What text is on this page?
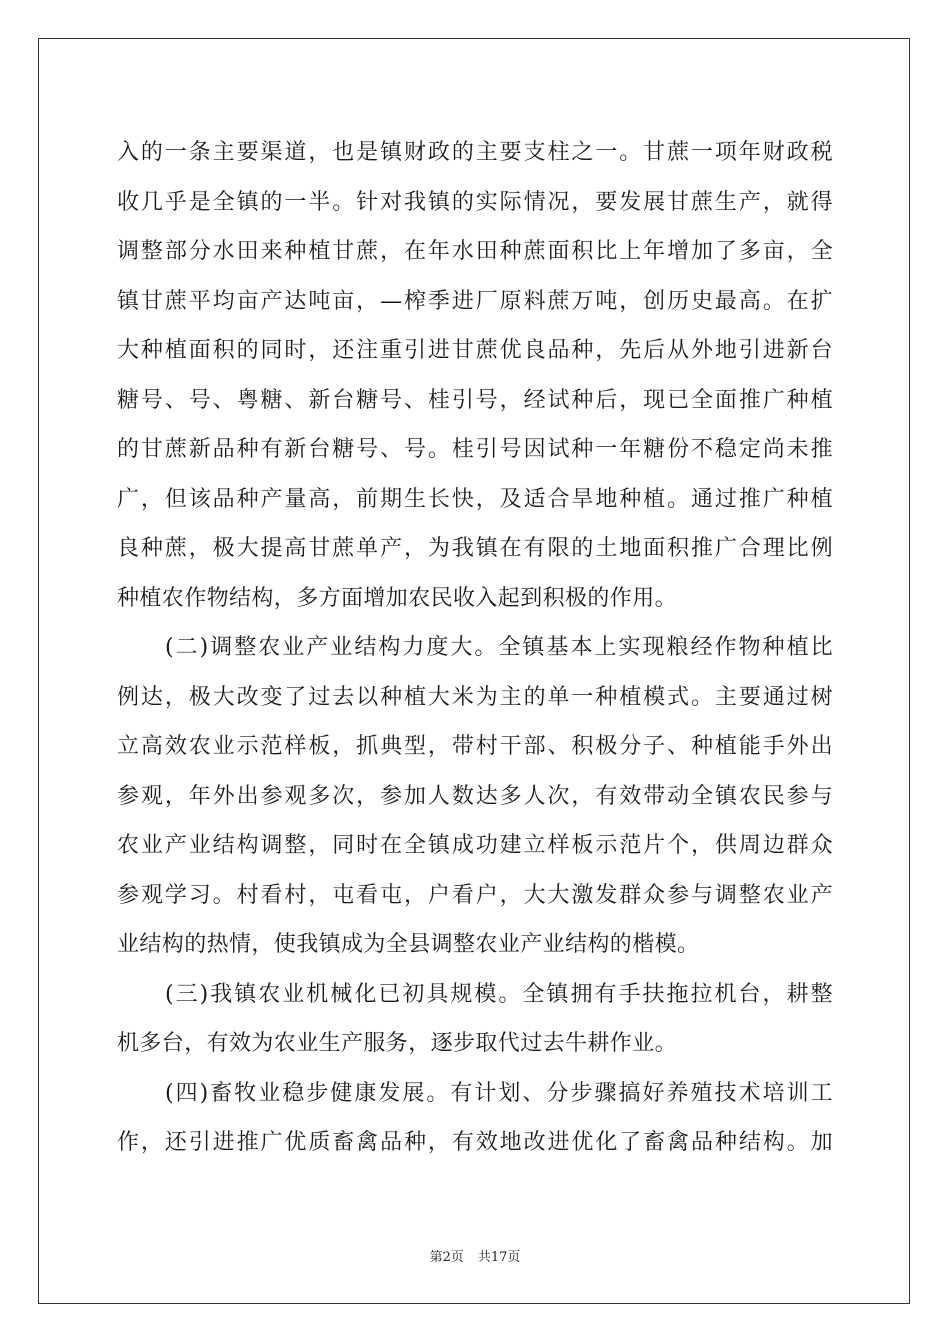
入的一条主要渠道，也是镇财政的主要支柱之一。甘蔗一项年财政税
收几乎是全镇的一半。针对我镇的实际情况，要发展甘蔗生产，就得
调整部分水田来种植甘蔗，在年水田种蔗面积比上年增加了多亩，全
镇甘蔗平均亩产达吨亩，—榨季进厂原料蔗万吨，创历史最高。在扩
大种植面积的同时，还注重引进甘蔗优良品种，先后从外地引进新台
糖号、号、粤糖、新台糖号、桂引号，经试种后，现已全面推广种植
的甘蔗新品种有新台糖号、号。桂引号因试种一年糖份不稳定尚未推
广，但该品种产量高，前期生长快，及适合旱地种植。通过推广种植
良种蔗，极大提高甘蔗单产，为我镇在有限的土地面积推广合理比例
种植农作物结构，多方面增加农民收入起到积极的作用。
　　(二)调整农业产业结构力度大。全镇基本上实现粮经作物种植比
例达，极大改变了过去以种植大米为主的单一种植模式。主要通过树
立高效农业示范样板，抓典型，带村干部、积极分子、种植能手外出
参观，年外出参观多次，参加人数达多人次，有效带动全镇农民参与
农业产业结构调整，同时在全镇成功建立样板示范片个，供周边群众
参观学习。村看村，屯看屯，户看户，大大激发群众参与调整农业产
业结构的热情，使我镇成为全县调整农业产业结构的楷模。
　　(三)我镇农业机械化已初具规模。全镇拥有手扶拖拉机台，耕整
机多台，有效为农业生产服务，逐步取代过去牛耕作业。
　　(四)畜牧业稳步健康发展。有计划、分步骤搞好养殖技术培训工
作，还引进推广优质畜禽品种，有效地改进优化了畜禽品种结构。加
第2页 共17页
